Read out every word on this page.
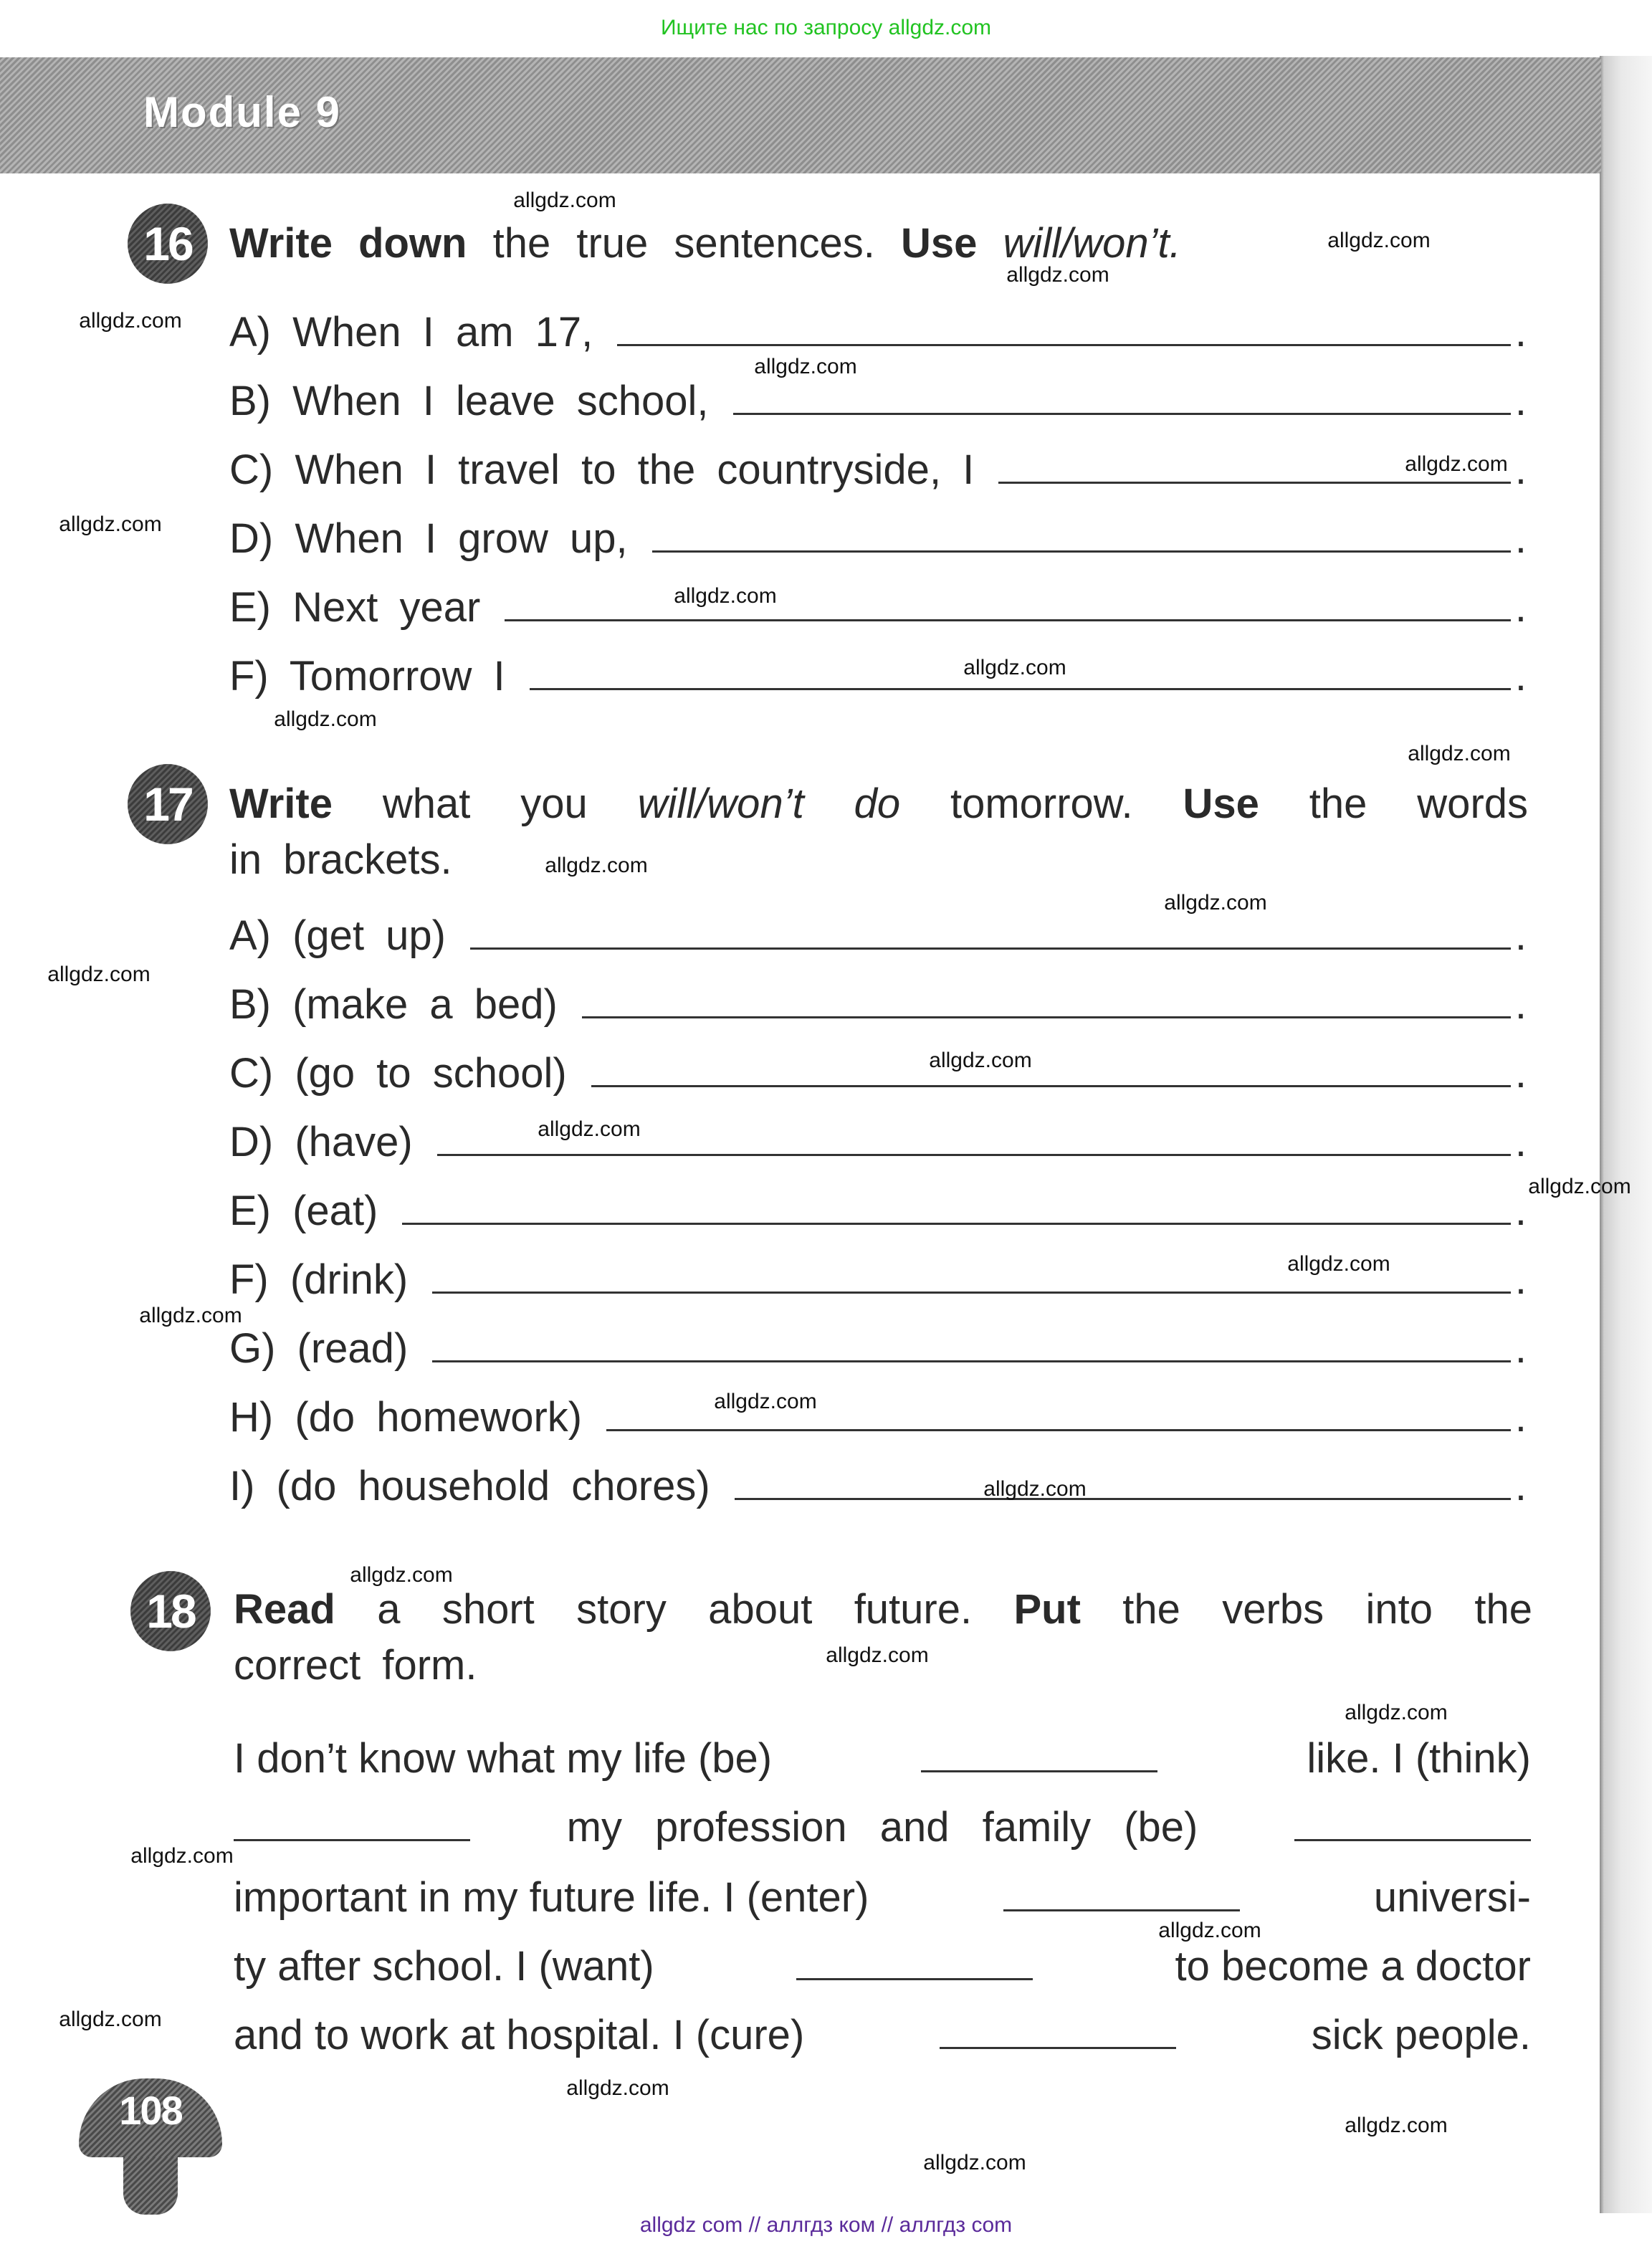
Ищите нас по запросу allgdz.com
Module 9
16 Write down the true sentences. Use will/won’t.
A) When I am 17,	.
B) When I leave school,	.
C) When I travel to the countryside, I	.
D) When I grow up,	.
E) Next year	.
F) Tomorrow I	.
17 Write what you will/won’t do tomorrow. Use the words
in brackets.
A) (get up)	.
B) (make a bed)	.
C) (go to school)	.
D) (have)	.
E) (eat)	.
F) (drink)	.
G) (read)	.
H) (do homework)	.
I) (do household chores)	.
18 Read a short story about future. Put the verbs into the
correct form.
I don’t know what my life (be)	like. I (think)
my profession and family (be)
important in my future life. I (enter)	universi-
ty after school. I (want)	to become a doctor
and to work at hospital. I (cure)	sick people.
108
allgdz.com
allgdz.com
allgdz.com
allgdz.com
allgdz.com
allgdz.com
allgdz.com
allgdz.com
allgdz.com
allgdz.com
allgdz.com
allgdz.com
allgdz.com
allgdz.com
allgdz.com
allgdz.com
allgdz.com
allgdz.com
allgdz.com
allgdz.com
allgdz.com
allgdz.com
allgdz.com
allgdz.com
allgdz.com
allgdz.com
allgdz.com
allgdz.com
allgdz.com
allgdz.com
allgdz com // аллгдз ком // аллгдз com
